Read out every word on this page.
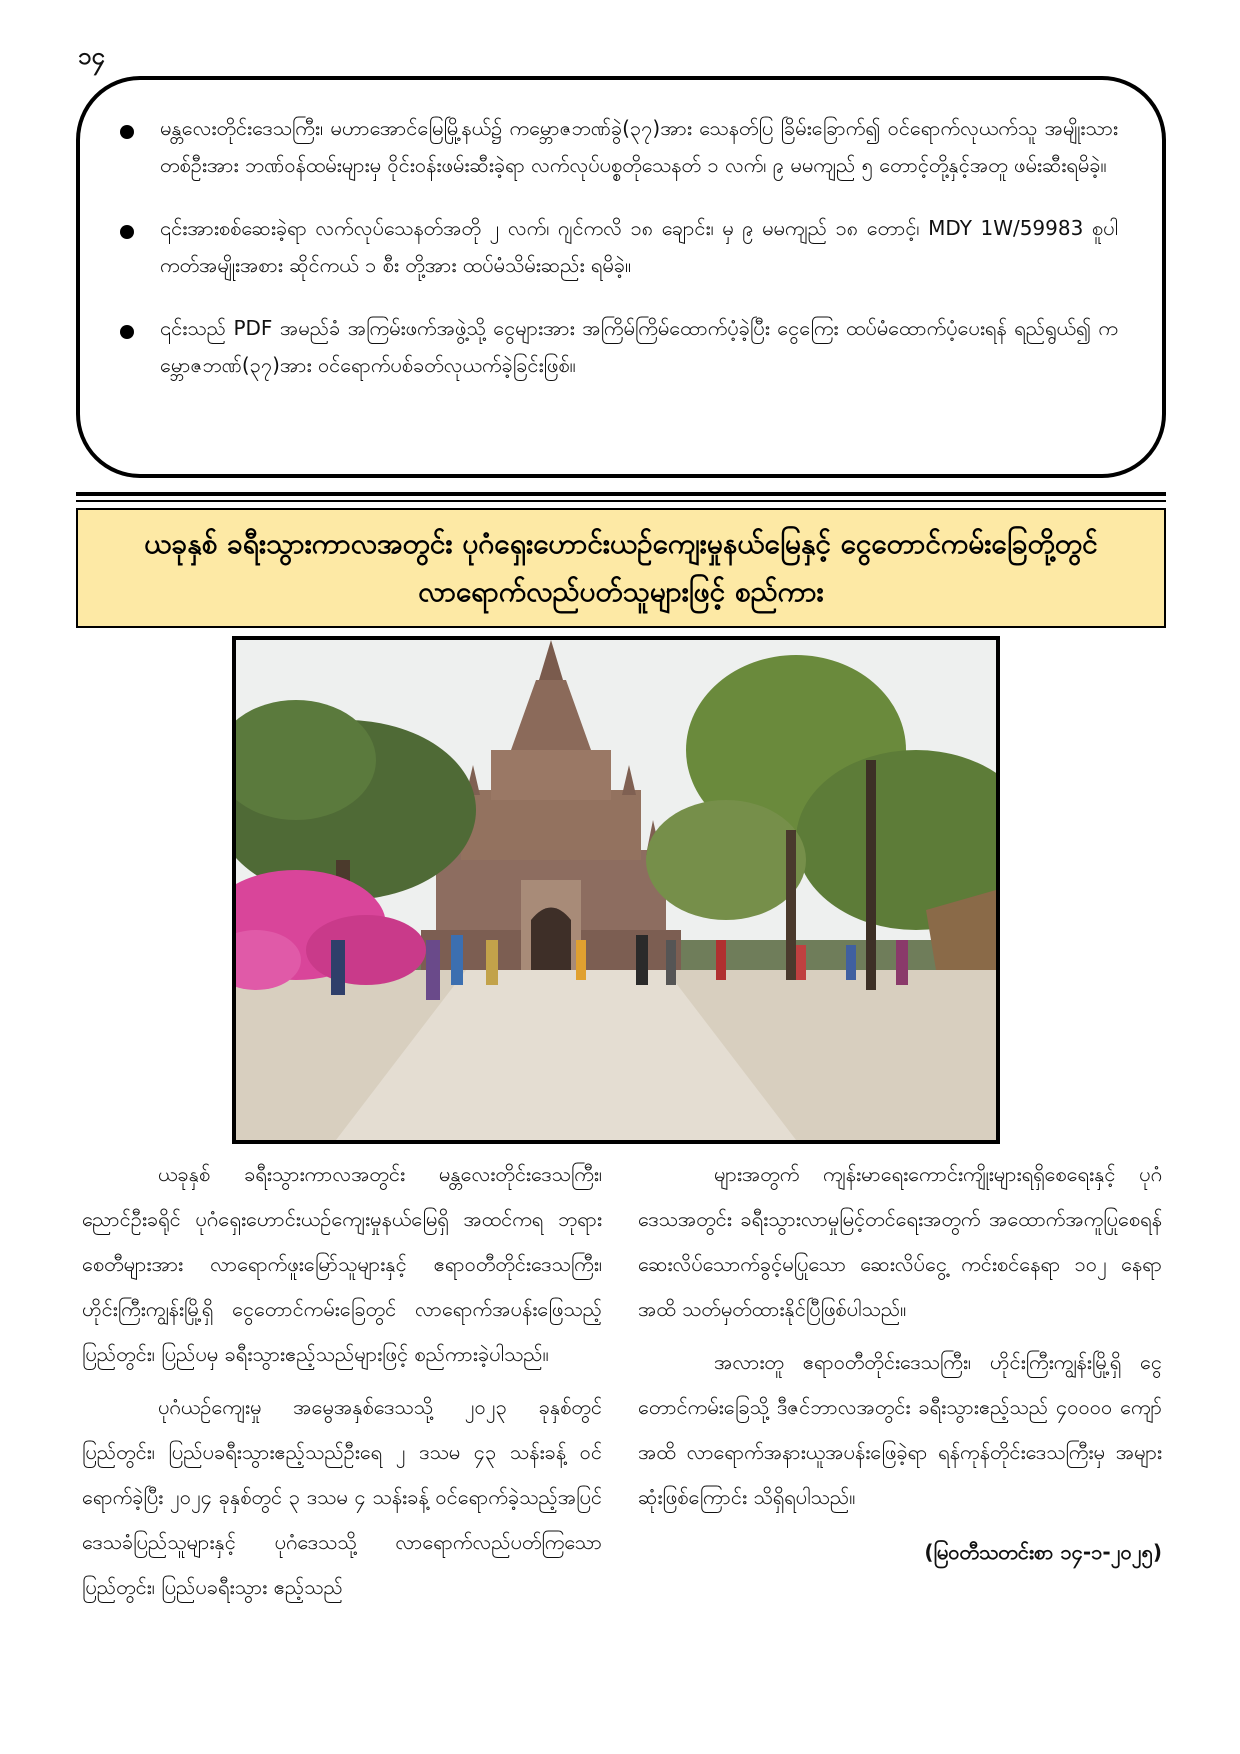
၁၄
မန္တလေးတိုင်းဒေသကြီး၊ မဟာအောင်မြေမြို့နယ်၌ ကမ္ဘောဇဘဏ်ခွဲ(၃၇)အား သေနတ်ပြ ခြိမ်းခြောက်၍ ဝင်ရောက်လုယက်သူ အမျိုးသားတစ်ဦးအား ဘဏ်ဝန်ထမ်းများမှ ဝိုင်းဝန်းဖမ်းဆီးခဲ့ရာ လက်လုပ်ပစ္စတိုသေနတ် ၁ လက်၊ ၉ မမကျည် ၅ တောင့်တို့နှင့်အတူ ဖမ်းဆီးရမိခဲ့။
၎င်းအားစစ်ဆေးခဲ့ရာ လက်လုပ်သေနတ်အတို ၂ လက်၊ ဂျင်ကလိ ၁၈ ချောင်း၊ မှ ၉ မမကျည် ၁၈ တောင့်၊ MDY 1W/59983 စူပါကတ်အမျိုးအစား ဆိုင်ကယ် ၁ စီး တို့အား ထပ်မံသိမ်းဆည်း ရမိခဲ့။
၎င်းသည် PDF အမည်ခံ အကြမ်းဖက်အဖွဲ့သို့ ငွေများအား အကြိမ်ကြိမ်ထောက်ပံ့ခဲ့ပြီး ငွေကြေး ထပ်မံထောက်ပံ့ပေးရန် ရည်ရွယ်၍ ကမ္ဘောဇဘဏ်(၃၇)အား ဝင်ရောက်ပစ်ခတ်လုယက်ခဲ့ခြင်းဖြစ်။
ယခုနှစ် ခရီးသွားကာလအတွင်း ပုဂံရှေးဟောင်းယဉ်ကျေးမှုနယ်မြေနှင့် ငွေတောင်ကမ်းခြေတို့တွင်
လာရောက်လည်ပတ်သူများဖြင့် စည်ကား

ယခုနှစ် ခရီးသွားကာလအတွင်း မန္တလေးတိုင်းဒေသကြီး၊ ညောင်ဦးခရိုင် ပုဂံရှေးဟောင်းယဉ်ကျေးမှုနယ်မြေရှိ အထင်ကရ ဘုရားစေတီများအား လာရောက်ဖူးမြော်သူများနှင့် ဧရာဝတီတိုင်းဒေသကြီး၊ ဟိုင်းကြီးကျွန်းမြို့ရှိ ငွေတောင်ကမ်းခြေတွင် လာရောက်အပန်းဖြေသည့် ပြည်တွင်း၊ ပြည်ပမှ ခရီးသွားဧည့်သည်များဖြင့် စည်ကားခဲ့ပါသည်။

ပုဂံယဉ်ကျေးမှု အမွေအနှစ်ဒေသသို့ ၂၀၂၃ ခုနှစ်တွင် ပြည်တွင်း၊ ပြည်ပခရီးသွားဧည့်သည်ဦးရေ ၂ ဒသမ ၄၃ သန်းခန့် ဝင်ရောက်ခဲ့ပြီး ၂၀၂၄ ခုနှစ်တွင် ၃ ဒသမ ၄ သန်းခန့် ဝင်ရောက်ခဲ့သည့်အပြင် ဒေသခံပြည်သူများနှင့် ပုဂံဒေသသို့ လာရောက်လည်ပတ်ကြသော ပြည်တွင်း၊ ပြည်ပခရီးသွား ဧည့်သည်

များအတွက် ကျန်းမာရေးကောင်းကျိုးများရရှိစေရေးနှင့် ပုဂံဒေသအတွင်း ခရီးသွားလာမှုမြင့်တင်ရေးအတွက် အထောက်အကူပြုစေရန် ဆေးလိပ်သောက်ခွင့်မပြုသော ဆေးလိပ်ငွေ့ ကင်းစင်နေရာ ၁၀၂ နေရာအထိ သတ်မှတ်ထားနိုင်ပြီဖြစ်ပါသည်။

အလားတူ ဧရာဝတီတိုင်းဒေသကြီး၊ ဟိုင်းကြီးကျွန်းမြို့ရှိ ငွေတောင်ကမ်းခြေသို့ ဒီဇင်ဘာလအတွင်း ခရီးသွားဧည့်သည် ၄၀၀၀၀ ကျော်အထိ လာရောက်အနားယူအပန်းဖြေခဲ့ရာ ရန်ကုန်တိုင်းဒေသကြီးမှ အများဆုံးဖြစ်ကြောင်း သိရှိရပါသည်။

(မြဝတီသတင်းစာ ၁၄-၁-၂၀၂၅)
